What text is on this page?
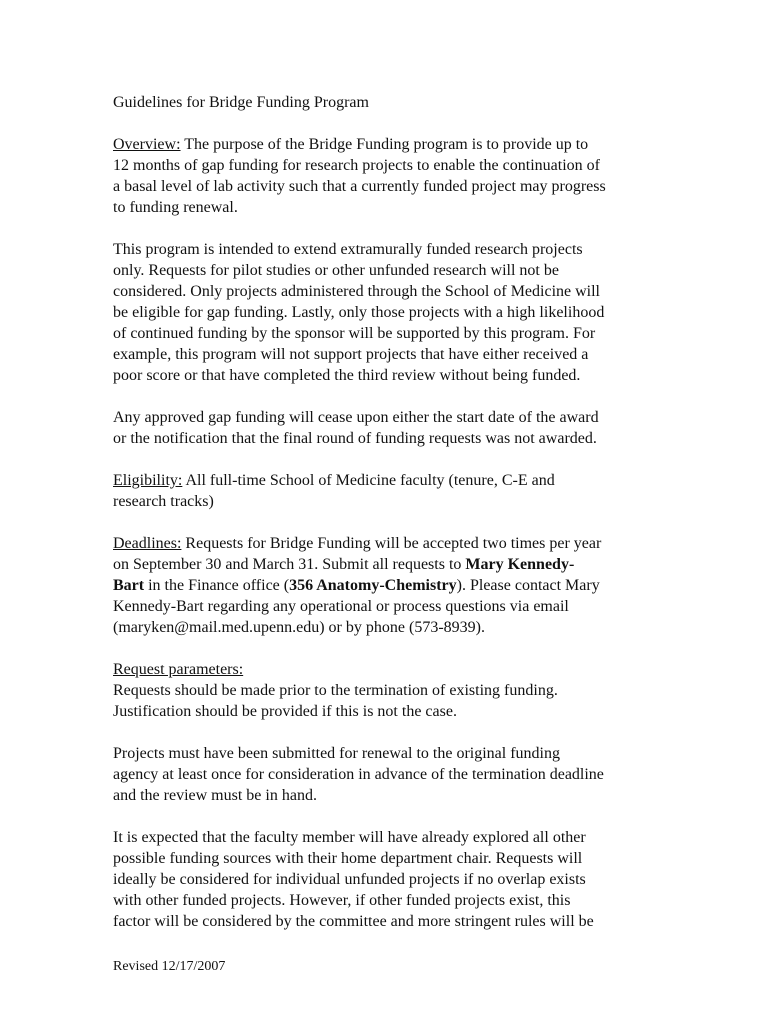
Guidelines for Bridge Funding Program
Overview: The purpose of the Bridge Funding program is to provide up to
12 months of gap funding for research projects to enable the continuation of
a basal level of lab activity such that a currently funded project may progress
to funding renewal.
This program is intended to extend extramurally funded research projects
only. Requests for pilot studies or other unfunded research will not be
considered. Only projects administered through the School of Medicine will
be eligible for gap funding. Lastly, only those projects with a high likelihood
of continued funding by the sponsor will be supported by this program. For
example, this program will not support projects that have either received a
poor score or that have completed the third review without being funded.
Any approved gap funding will cease upon either the start date of the award
or the notification that the final round of funding requests was not awarded.
Eligibility: All full-time School of Medicine faculty (tenure, C-E and
research tracks)
Deadlines: Requests for Bridge Funding will be accepted two times per year
on September 30 and March 31. Submit all requests to Mary Kennedy-
Bart in the Finance office (356 Anatomy-Chemistry). Please contact Mary
Kennedy-Bart regarding any operational or process questions via email
(maryken@mail.med.upenn.edu) or by phone (573-8939).
Request parameters:
Requests should be made prior to the termination of existing funding.
Justification should be provided if this is not the case.
Projects must have been submitted for renewal to the original funding
agency at least once for consideration in advance of the termination deadline
and the review must be in hand.
It is expected that the faculty member will have already explored all other
possible funding sources with their home department chair. Requests will
ideally be considered for individual unfunded projects if no overlap exists
with other funded projects. However, if other funded projects exist, this
factor will be considered by the committee and more stringent rules will be
Revised 12/17/2007
